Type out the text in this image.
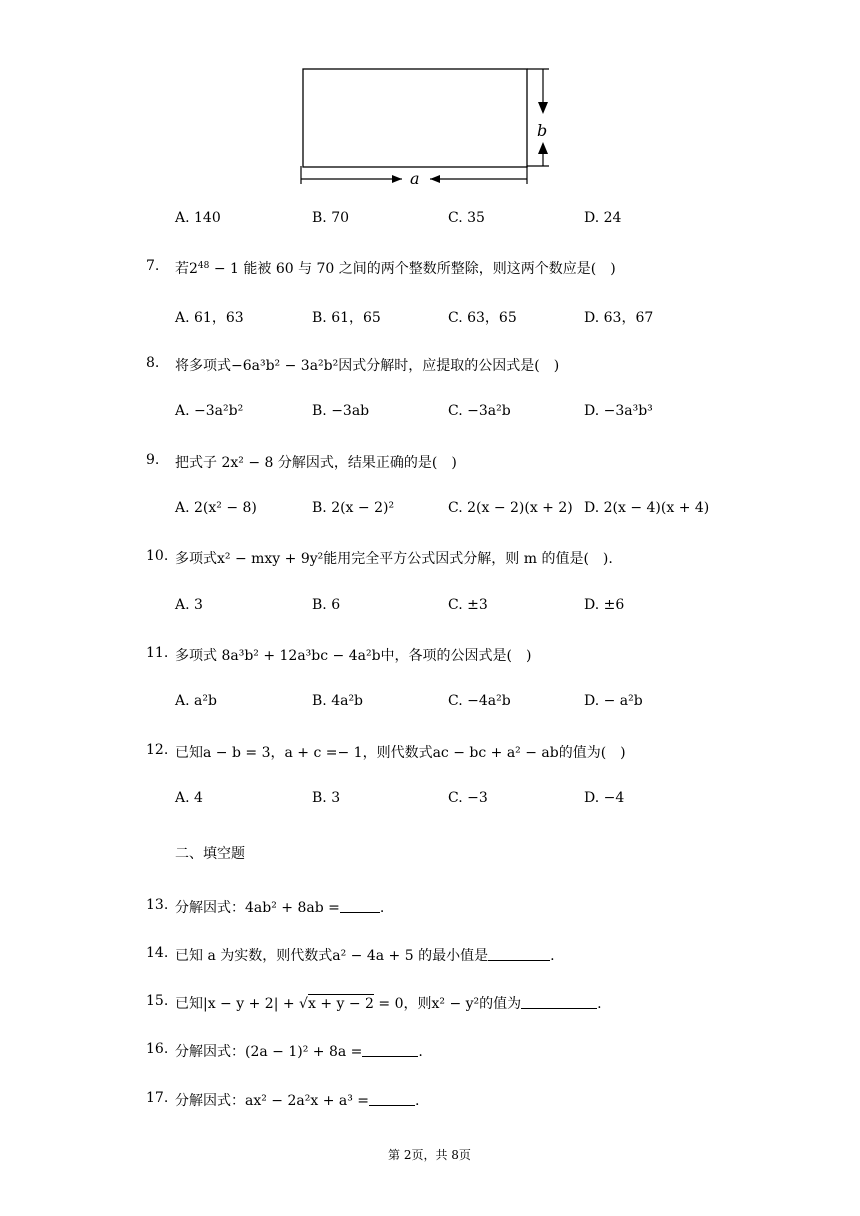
a
b
A. 140	B. 70	C. 35	D. 24
7. 若$2^{48} - 1$ 能被 60 与 70 之间的两个整数所整除，则这两个数应是(　)
A. 61，63	B. 61，65	C. 63，65	D. 63，67
8. 将多项式−6a³b² − 3a²b²因式分解时，应提取的公因式是(　)
A. −3a²b²	B. −3ab	C. −3a²b	D. −3a³b³
9. 把式子 2x² − 8 分解因式，结果正确的是(　)
A. 2(x² − 8)	B. 2(x − 2)²	C. 2(x − 2)(x + 2) D. 2(x − 4)(x + 4)
10. 多项式x² − mxy + 9y²能用完全平方公式因式分解，则 m 的值是(　).
A. 3	B. 6	C. ±3	D. ±6
11. 多项式 8a³b² + 12a³bc − 4a²b中，各项的公因式是(　)
A. a²b	B. 4a²b	C. −4a²b	D. − a²b
12. 已知a − b = 3，a + c =− 1，则代数式ac − bc + a² − ab的值为(　)
A. 4	B. 3	C. −3	D. −4
二、填空题
13. 分解因式：4ab² + 8ab =	.
14. 已知 a 为实数，则代数式a² − 4a + 5 的最小值是	.
15. 已知|x − y + 2| + √x + y − 2 = 0，则x² − y²的值为	.
16. 分解因式：(2a − 1)² + 8a =	.
17. 分解因式：ax² − 2a²x + a³ =	.
第 2页，共 8页
